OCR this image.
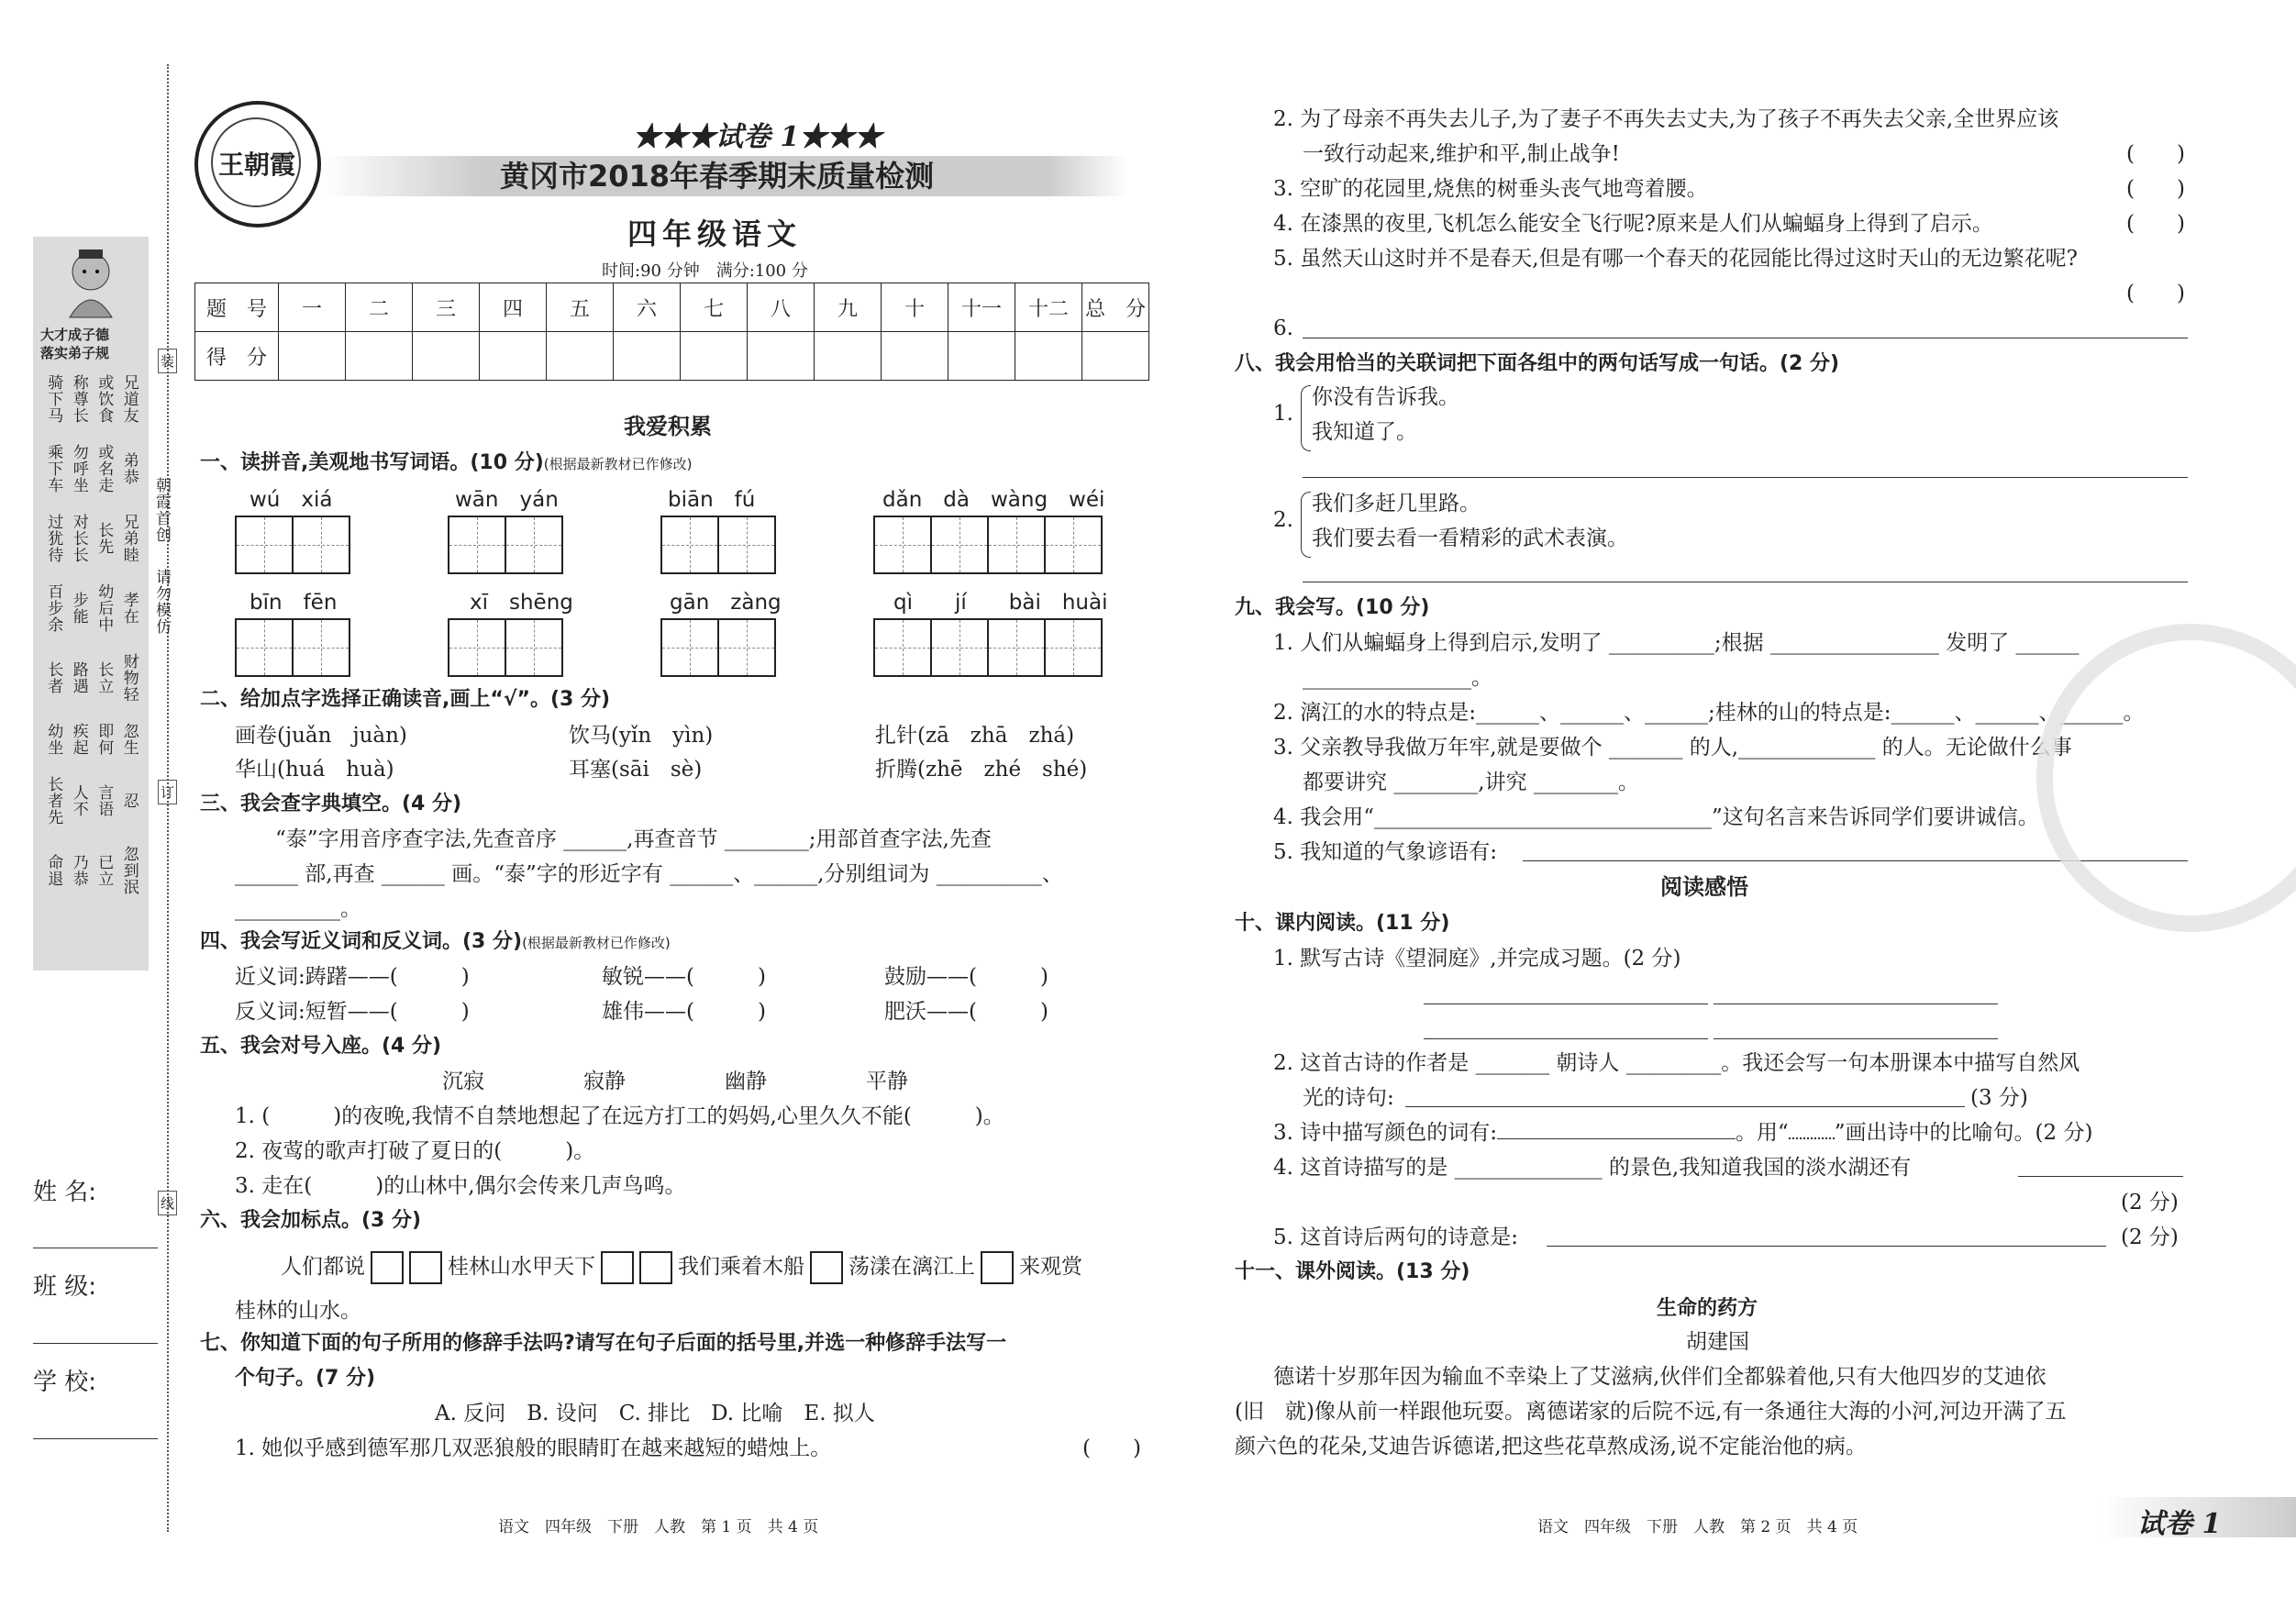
大才成子德
落实弟子规
骑下马 称尊长 或饮食 兄道友
乘下车 勿呼坐 或名走 弟恭
过犹待 对长长 长先 兄弟睦
百步余 步能 幼后中 孝在
长者 路遇 长立 财物轻
幼坐 疾起 即何 忽生
长者先 人不 言语 忍
命退 乃恭 已立 忽到泯
朝霞首创
请勿模仿
装
订
线
姓 名:
班 级:
学 校:
王朝霞
★★★试卷 1★★★
黄冈市2018年春季期末质量检测
四年级语文
时间:90 分钟　满分:100 分
题　号	一	二	三	四	五	六	七	八	九	十	十一	十二	总　分
得　分													
我爱积累
一、读拼音,美观地书写词语。(10 分)(根据最新教材已作修改)
wú　xiá	wān　yán	biān　fú	dǎn　dà　wàng　wéi
bīn　fēn	xī　shēng	gān　zàng	qì　　jí　　bài　huài
二、给加点字选择正确读音,画上“√”。(3 分)
画卷(juǎn　juàn)	饮马(yǐn　yìn)	扎针(zā　zhā　zhá)
华山(huá　huà)	耳塞(sāi　sè)	折腾(zhē　zhé　shé)
三、我会查字典填空。(4 分)
“泰”字用音序查字法,先查音序 ______,再查音节 ________;用部首查字法,先查
______ 部,再查 ______ 画。“泰”字的形近字有 ______、______,分别组词为 __________、
__________。
四、我会写近义词和反义词。(3 分)(根据最新教材已作修改)
近义词:踌躇——(　　　)	敏锐——(　　　)	鼓励——(　　　)
反义词:短暂——(　　　)	雄伟——(　　　)	肥沃——(　　　)
五、我会对号入座。(4 分)
沉寂	寂静	幽静	平静
1. (　　　)的夜晚,我情不自禁地想起了在远方打工的妈妈,心里久久不能(　　　)。
2. 夜莺的歌声打破了夏日的(　　　)。
3. 走在(　　　)的山林中,偶尔会传来几声鸟鸣。
六、我会加标点。(3 分)
人们都说	桂林山水甲天下	我们乘着木船 荡漾在漓江上 来观赏
桂林的山水。
七、你知道下面的句子所用的修辞手法吗?请写在句子后面的括号里,并选一种修辞手法写一
个句子。(7 分)
A. 反问　B. 设问　C. 排比　D. 比喻　E. 拟人
1. 她似乎感到德军那几双恶狼般的眼睛盯在越来越短的蜡烛上。	(　　)
语文　四年级　下册　人教　第 1 页　共 4 页
2. 为了母亲不再失去儿子,为了妻子不再失去丈夫,为了孩子不再失去父亲,全世界应该
一致行动起来,维护和平,制止战争!	(　　)
3. 空旷的花园里,烧焦的树垂头丧气地弯着腰。	(　　)
4. 在漆黑的夜里,飞机怎么能安全飞行呢?原来是人们从蝙蝠身上得到了启示。	(　　)
5. 虽然天山这时并不是春天,但是有哪一个春天的花园能比得过这时天山的无边繁花呢?
(　　)
6.
八、我会用恰当的关联词把下面各组中的两句话写成一句话。(2 分)
1.
你没有告诉我。
我知道了。
2.
我们多赶几里路。
我们要去看一看精彩的武术表演。
九、我会写。(10 分)
1. 人们从蝙蝠身上得到启示,发明了 __________;根据 ________________ 发明了 ______
________________。
2. 漓江的水的特点是:______、______、______;桂林的山的特点是:______、______、______。
3. 父亲教导我做万年牢,就是要做个 _______ 的人,_____________ 的人。无论做什么事
都要讲究 ________,讲究 ________。
4. 我会用“________________________________”这句名言来告诉同学们要讲诚信。
5. 我知道的气象谚语有:
阅读感悟
十、课内阅读。(11 分)
1. 默写古诗《望洞庭》,并完成习题。(2 分)
2. 这首古诗的作者是 _______ 朝诗人 _________。我还会写一句本册课本中描写自然风
光的诗句:	(3 分)
3. 诗中描写颜色的词有:	。用“ ”画出诗中的比喻句。(2 分)
4. 这首诗描写的是 ______________ 的景色,我知道我国的淡水湖还有
(2 分)
5. 这首诗后两句的诗意是:	(2 分)
十一、课外阅读。(13 分)
生命的药方
胡建国
德诺十岁那年因为输血不幸染上了艾滋病,伙伴们全都躲着他,只有大他四岁的艾迪依
(旧　就)像从前一样跟他玩耍。离德诺家的后院不远,有一条通往大海的小河,河边开满了五
颜六色的花朵,艾迪告诉德诺,把这些花草熬成汤,说不定能治他的病。
语文　四年级　下册　人教　第 2 页　共 4 页	试卷 1
